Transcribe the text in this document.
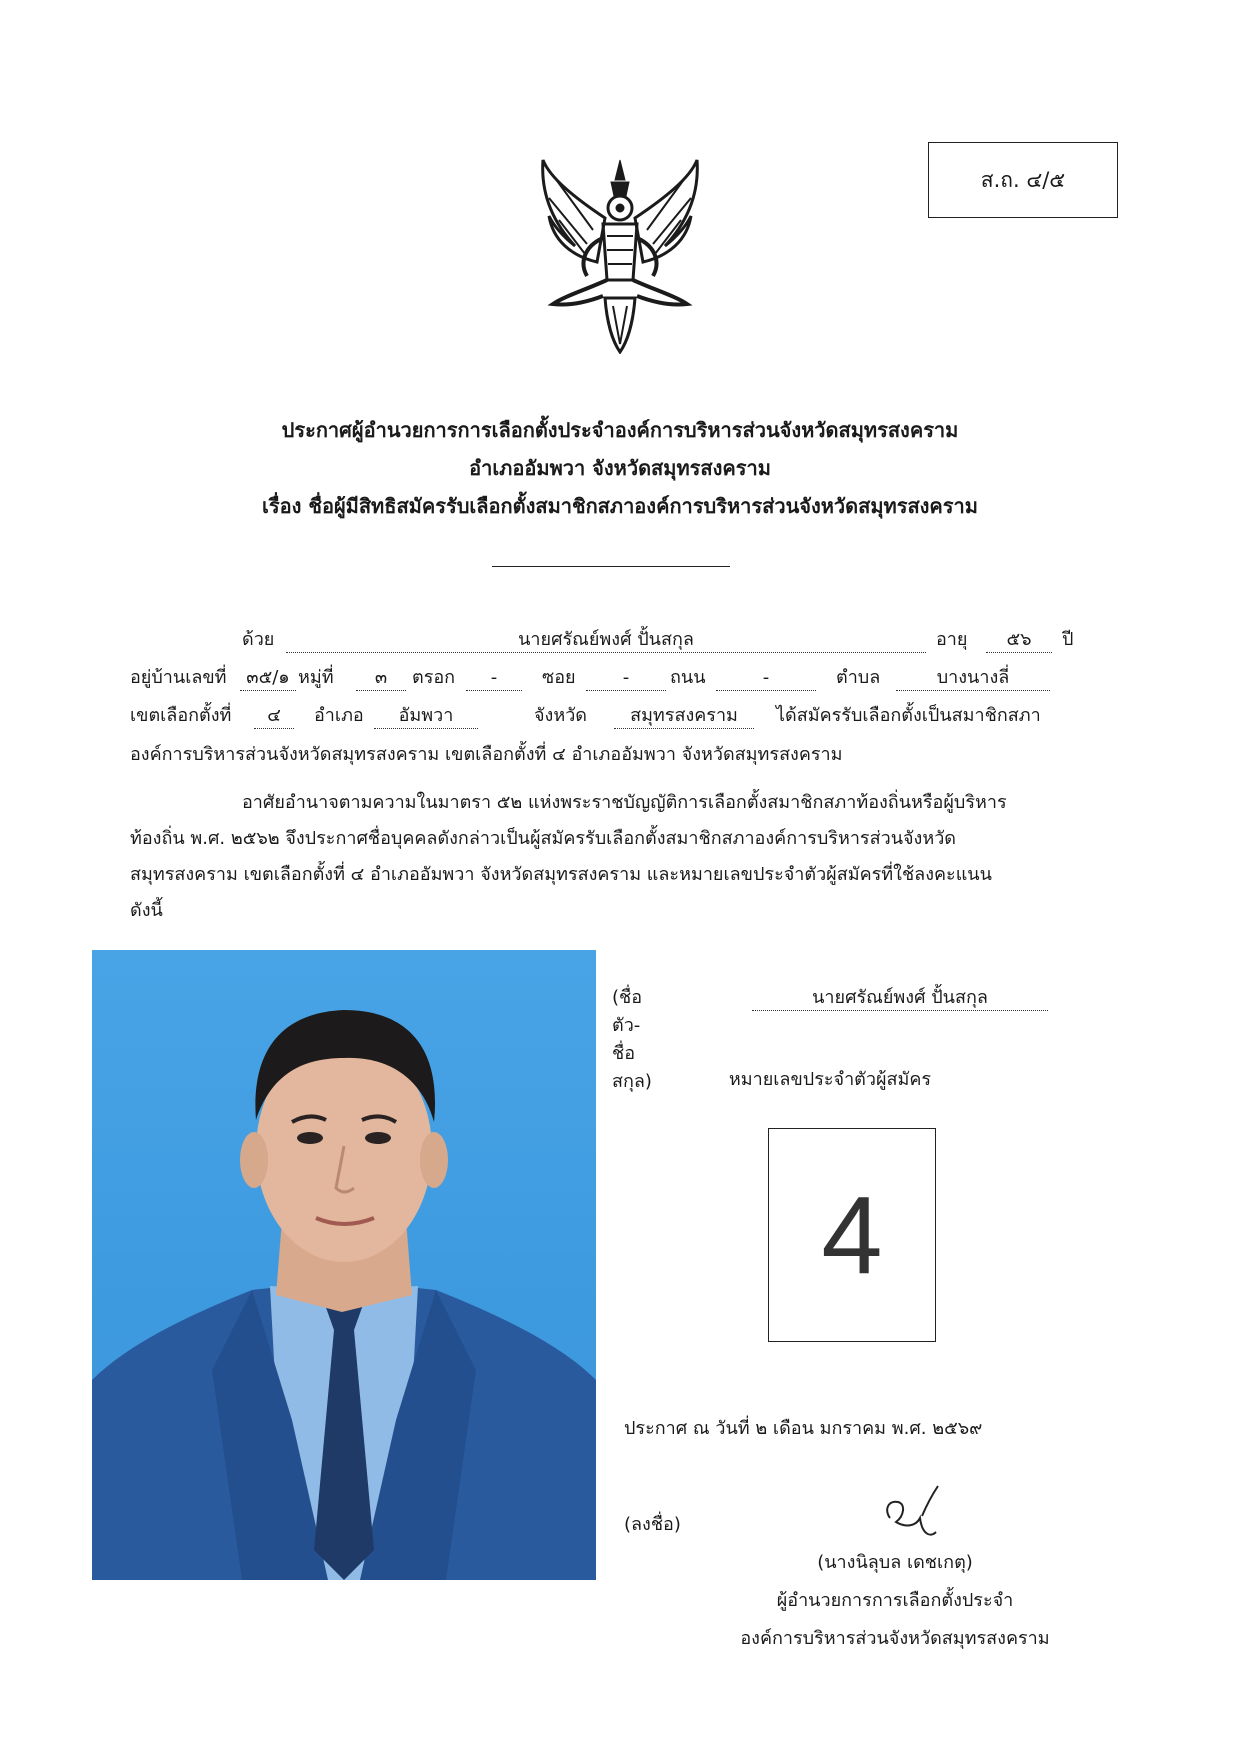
ส.ถ. ๔/๕
ประกาศผู้อำนวยการการเลือกตั้งประจำองค์การบริหารส่วนจังหวัดสมุทรสงคราม
อำเภออัมพวา จังหวัดสมุทรสงคราม
เรื่อง ชื่อผู้มีสิทธิสมัครรับเลือกตั้งสมาชิกสภาองค์การบริหารส่วนจังหวัดสมุทรสงคราม
ด้วย	นายศรัณย์พงศ์ ปั้นสกุล	อายุ	๕๖	ปี
อยู่บ้านเลขที่	๓๕/๑ หมู่ที่	๓	ตรอก	-	ซอย	-	ถนน	-	ตำบล	บางนางลี่
เขตเลือกตั้งที่	๔	อำเภอ	อัมพวา	จังหวัด	สมุทรสงคราม	ได้สมัครรับเลือกตั้งเป็นสมาชิกสภา
องค์การบริหารส่วนจังหวัดสมุทรสงคราม เขตเลือกตั้งที่ ๔ อำเภออัมพวา จังหวัดสมุทรสงคราม
อาศัยอำนาจตามความในมาตรา ๕๒ แห่งพระราชบัญญัติการเลือกตั้งสมาชิกสภาท้องถิ่นหรือผู้บริหาร
ท้องถิ่น พ.ศ. ๒๕๖๒ จึงประกาศชื่อบุคคลดังกล่าวเป็นผู้สมัครรับเลือกตั้งสมาชิกสภาองค์การบริหารส่วนจังหวัด
สมุทรสงคราม เขตเลือกตั้งที่ ๔ อำเภออัมพวา จังหวัดสมุทรสงคราม และหมายเลขประจำตัวผู้สมัครที่ใช้ลงคะแนน
ดังนี้
(ชื่อตัว-ชื่อสกุล)
นายศรัณย์พงศ์ ปั้นสกุล
หมายเลขประจำตัวผู้สมัคร
4
ประกาศ ณ วันที่ ๒ เดือน มกราคม พ.ศ. ๒๕๖๙
(ลงชื่อ)
(นางนิลุบล เดชเกตุ)
ผู้อำนวยการการเลือกตั้งประจำ
องค์การบริหารส่วนจังหวัดสมุทรสงคราม
